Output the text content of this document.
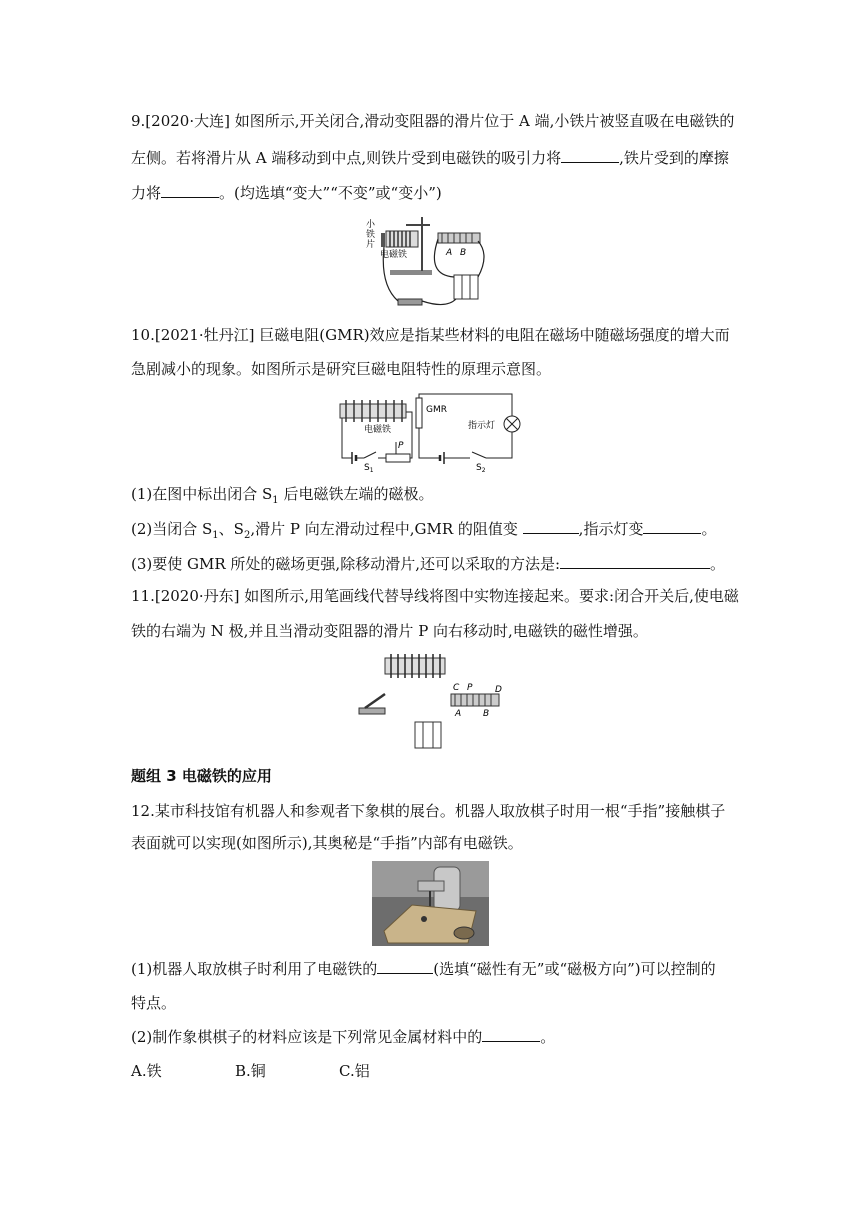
9.[2020·大连] 如图所示,开关闭合,滑动变阻器的滑片位于 A 端,小铁片被竖直吸在电磁铁的
左侧。若将滑片从 A 端移动到中点,则铁片受到电磁铁的吸引力将	,铁片受到的摩擦
力将	。(均选填“变大”“不变”或“变小”)
小
铁
片
电磁铁	A B
10.[2021·牡丹江] 巨磁电阻(GMR)效应是指某些材料的电阻在磁场中随磁场强度的增大而
急剧减小的现象。如图所示是研究巨磁电阻特性的原理示意图。
电磁铁
$S_1$
P
GMR
指示灯
$S_2$
(1)在图中标出闭合 $S_1$ 后电磁铁左端的磁极。
(2)当闭合 $S_1$、$S_2$,滑片 P 向左滑动过程中,GMR 的阻值变	,指示灯变	。
(3)要使 GMR 所处的磁场更强,除移动滑片,还可以采取的方法是:	。
11.[2020·丹东] 如图所示,用笔画线代替导线将图中实物连接起来。要求:闭合开关后,使电磁
铁的右端为 N 极,并且当滑动变阻器的滑片 P 向右移动时,电磁铁的磁性增强。
C P	D
A B
题组 3 电磁铁的应用
12.某市科技馆有机器人和参观者下象棋的展台。机器人取放棋子时用一根“手指”接触棋子
表面就可以实现(如图所示),其奥秘是“手指”内部有电磁铁。
(1)机器人取放棋子时利用了电磁铁的	(选填“磁性有无”或“磁极方向”)可以控制的
特点。
(2)制作象棋棋子的材料应该是下列常见金属材料中的	。
A.铁	B.铜	C.铝
